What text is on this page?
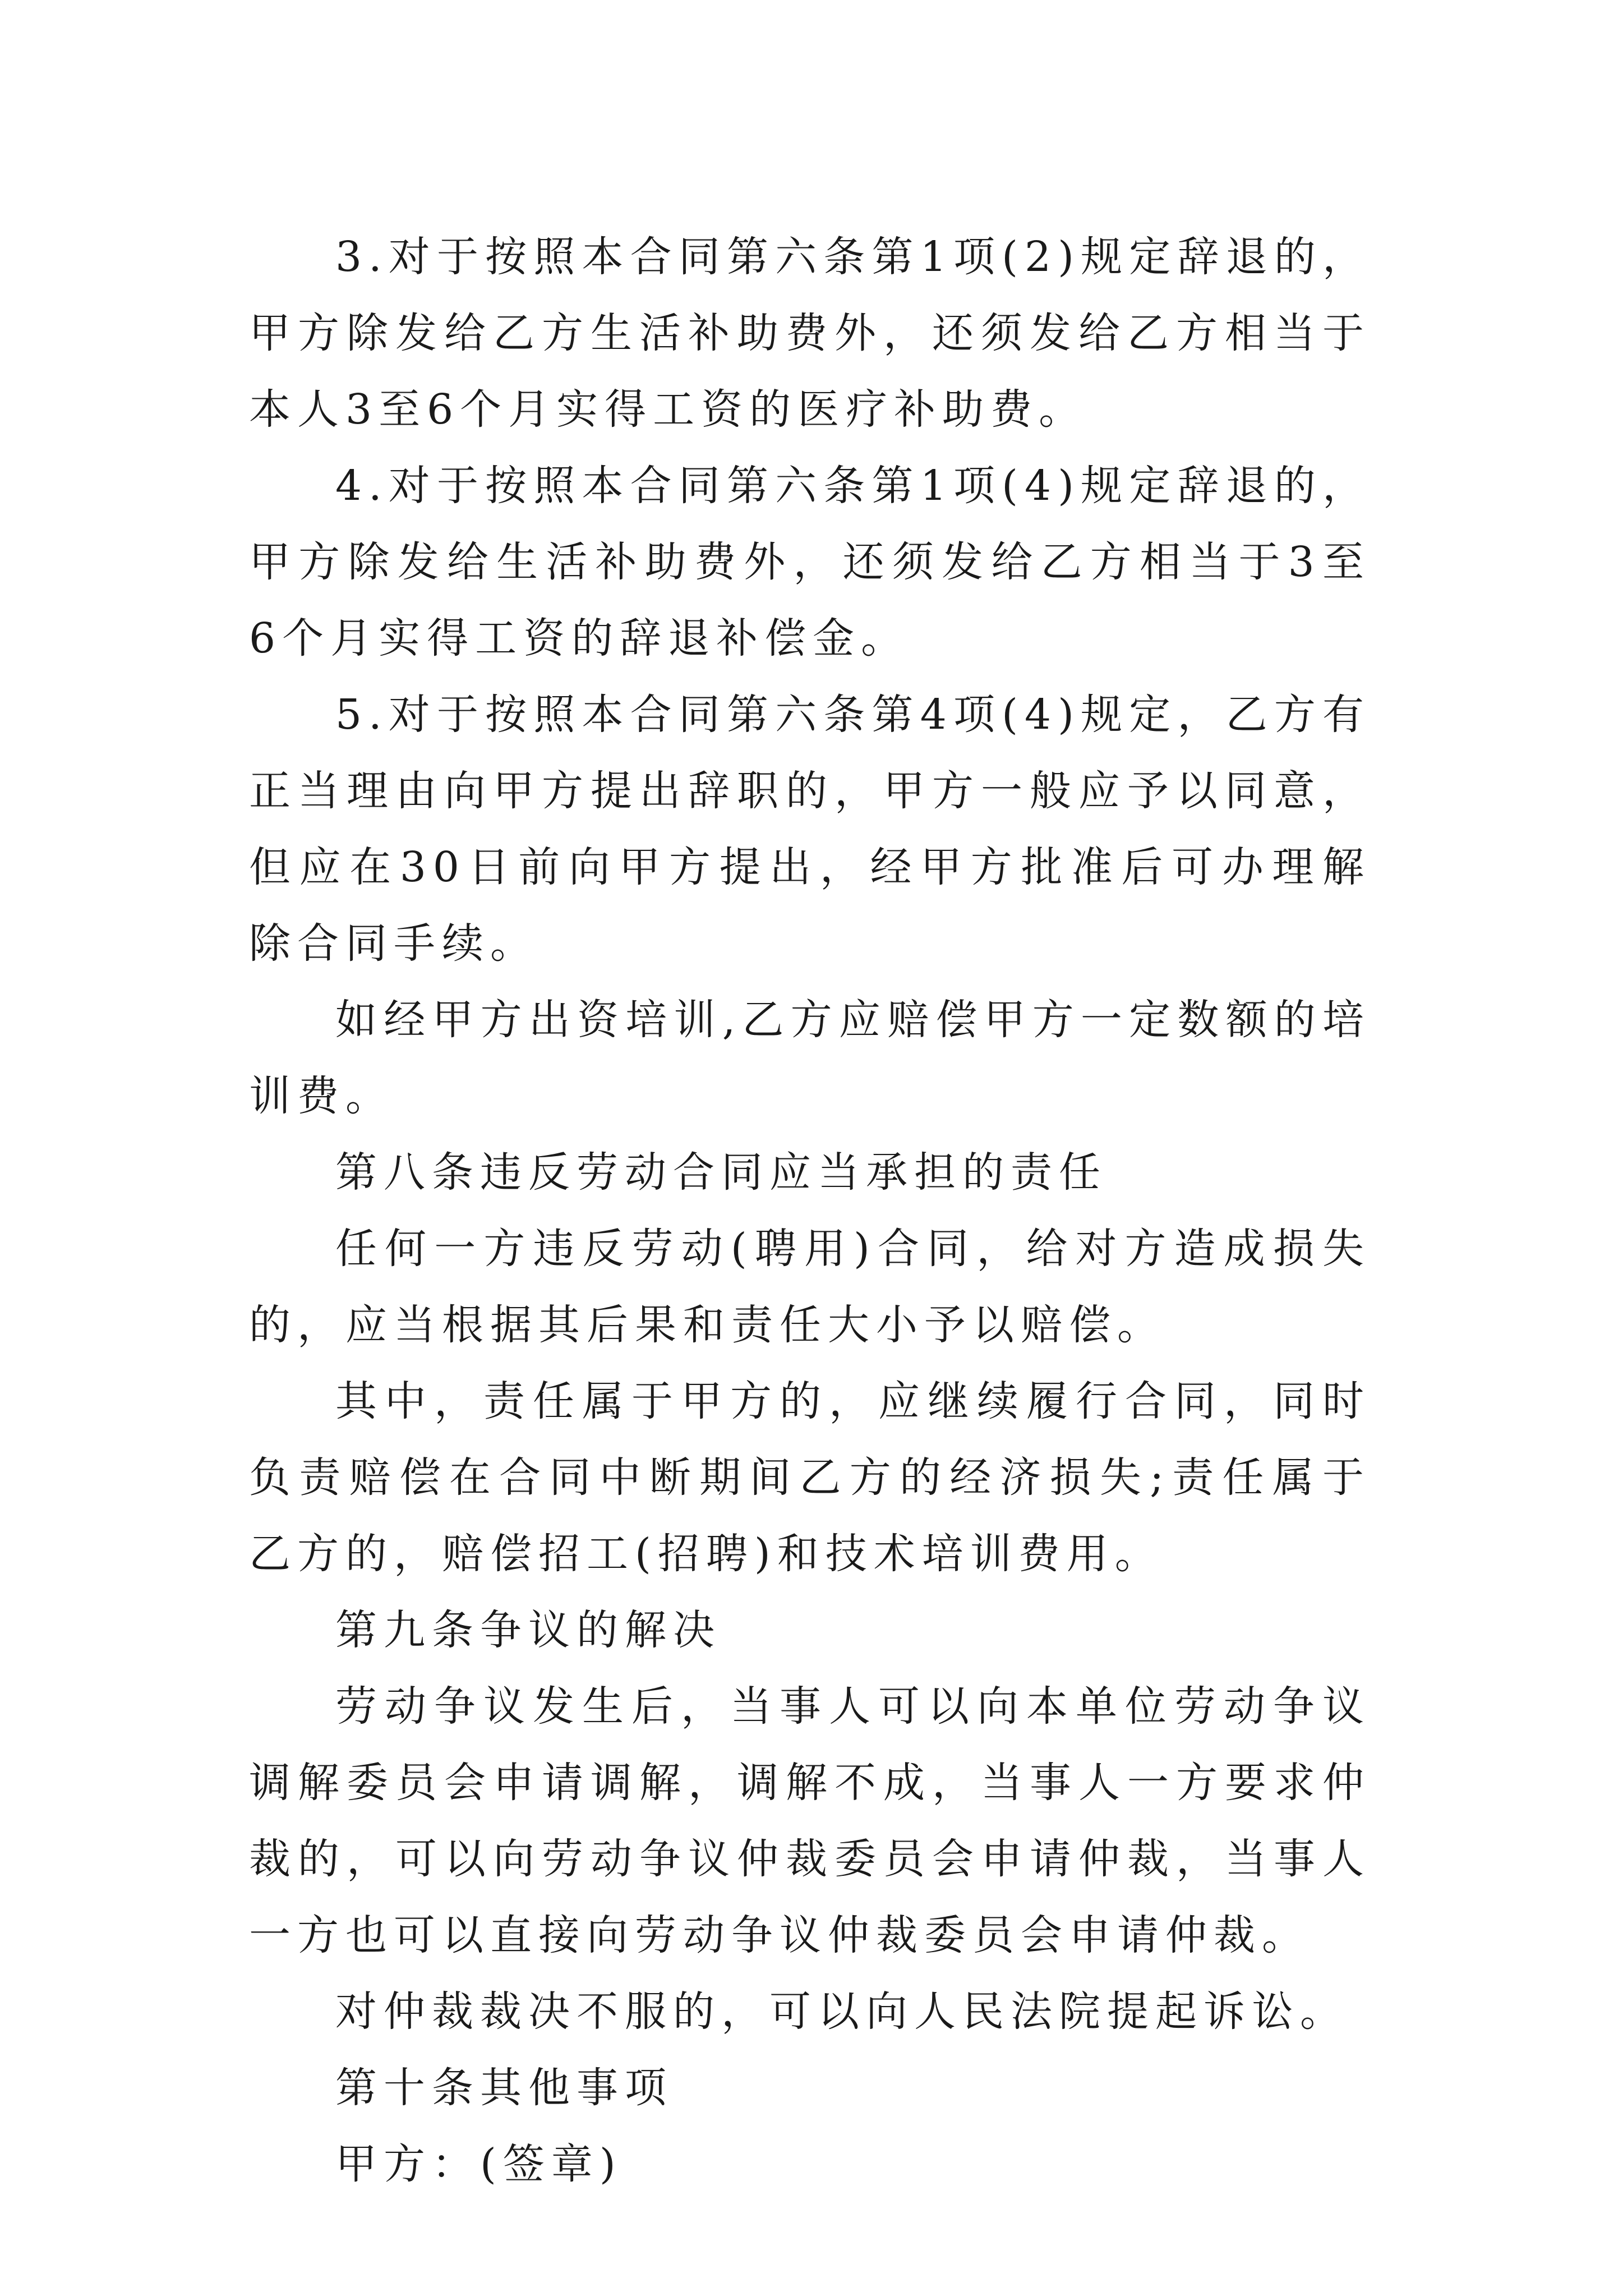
3.对于按照本合同第六条第1项(2)规定辞退的，甲方除发给乙方生活补助费外，还须发给乙方相当于本人3至6个月实得工资的医疗补助费。

4.对于按照本合同第六条第1项(4)规定辞退的，甲方除发给生活补助费外，还须发给乙方相当于3至6个月实得工资的辞退补偿金。

5.对于按照本合同第六条第4项(4)规定，乙方有正当理由向甲方提出辞职的，甲方一般应予以同意，但应在30日前向甲方提出，经甲方批准后可办理解除合同手续。

如经甲方出资培训,乙方应赔偿甲方一定数额的培训费。

第八条违反劳动合同应当承担的责任

任何一方违反劳动(聘用)合同，给对方造成损失的，应当根据其后果和责任大小予以赔偿。

其中，责任属于甲方的，应继续履行合同，同时负责赔偿在合同中断期间乙方的经济损失;责任属于乙方的，赔偿招工(招聘)和技术培训费用。

第九条争议的解决

劳动争议发生后，当事人可以向本单位劳动争议调解委员会申请调解，调解不成，当事人一方要求仲裁的，可以向劳动争议仲裁委员会申请仲裁，当事人一方也可以直接向劳动争议仲裁委员会申请仲裁。

对仲裁裁决不服的，可以向人民法院提起诉讼。

第十条其他事项

甲方：(签章)
